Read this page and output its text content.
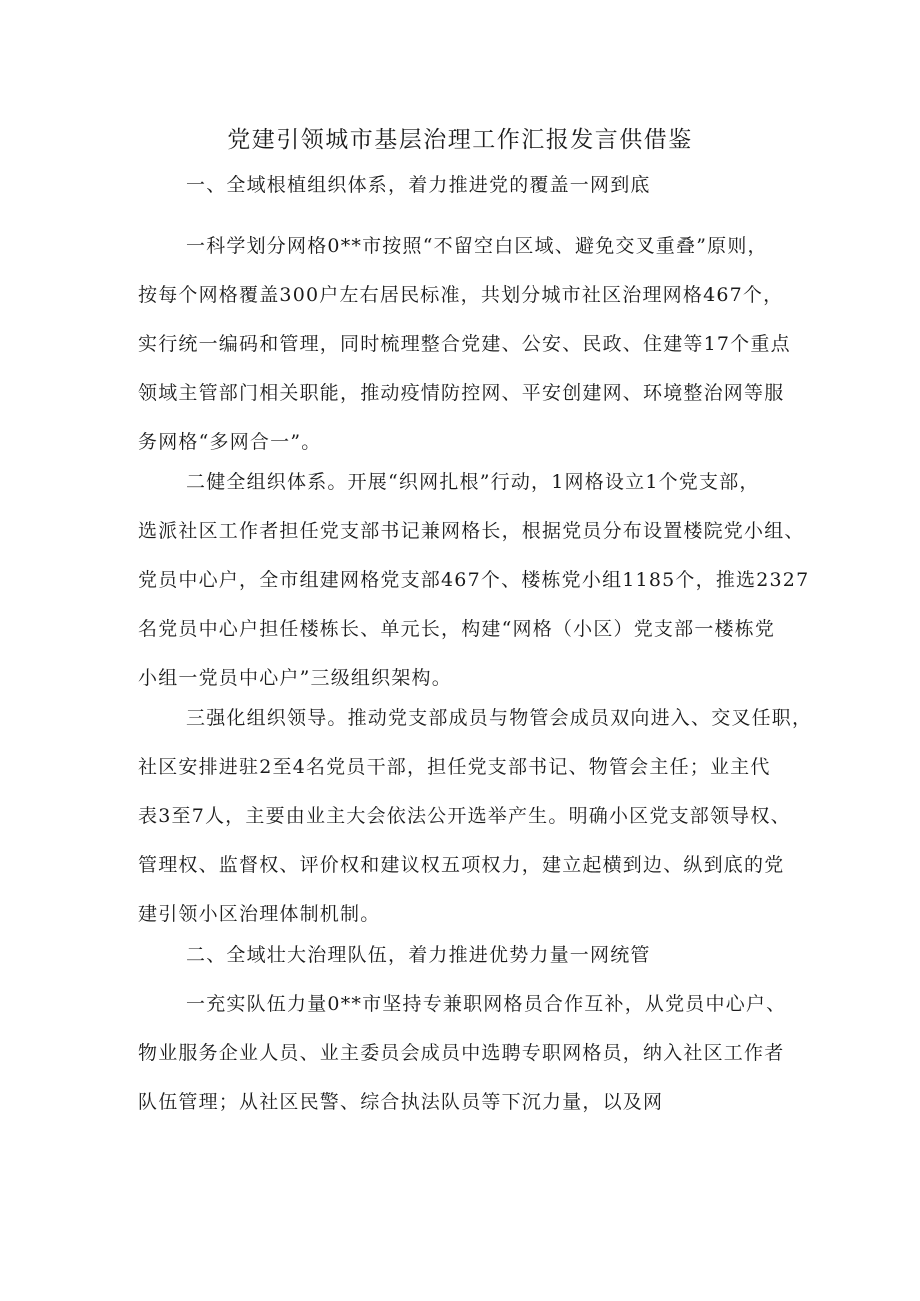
党建引领城市基层治理工作汇报发言供借鉴
一、全域根植组织体系，着力推进党的覆盖一网到底
一科学划分网格0**市按照“不留空白区域、避免交叉重叠”原则，
按每个网格覆盖300户左右居民标准，共划分城市社区治理网格467个，
实行统一编码和管理，同时梳理整合党建、公安、民政、住建等17个重点
领域主管部门相关职能，推动疫情防控网、平安创建网、环境整治网等服
务网格“多网合一”。
二健全组织体系。开展“织网扎根”行动，1网格设立1个党支部，
选派社区工作者担任党支部书记兼网格长，根据党员分布设置楼院党小组、
党员中心户，全市组建网格党支部467个、楼栋党小组1185个，推选2327
名党员中心户担任楼栋长、单元长，构建“网格（小区）党支部一楼栋党
小组一党员中心户”三级组织架构。
三强化组织领导。推动党支部成员与物管会成员双向进入、交叉任职，
社区安排进驻2至4名党员干部，担任党支部书记、物管会主任；业主代
表3至7人，主要由业主大会依法公开选举产生。明确小区党支部领导权、
管理权、监督权、评价权和建议权五项权力，建立起横到边、纵到底的党
建引领小区治理体制机制。
二、全域壮大治理队伍，着力推进优势力量一网统管
一充实队伍力量0**市坚持专兼职网格员合作互补，从党员中心户、
物业服务企业人员、业主委员会成员中选聘专职网格员，纳入社区工作者
队伍管理；从社区民警、综合执法队员等下沉力量，以及网
